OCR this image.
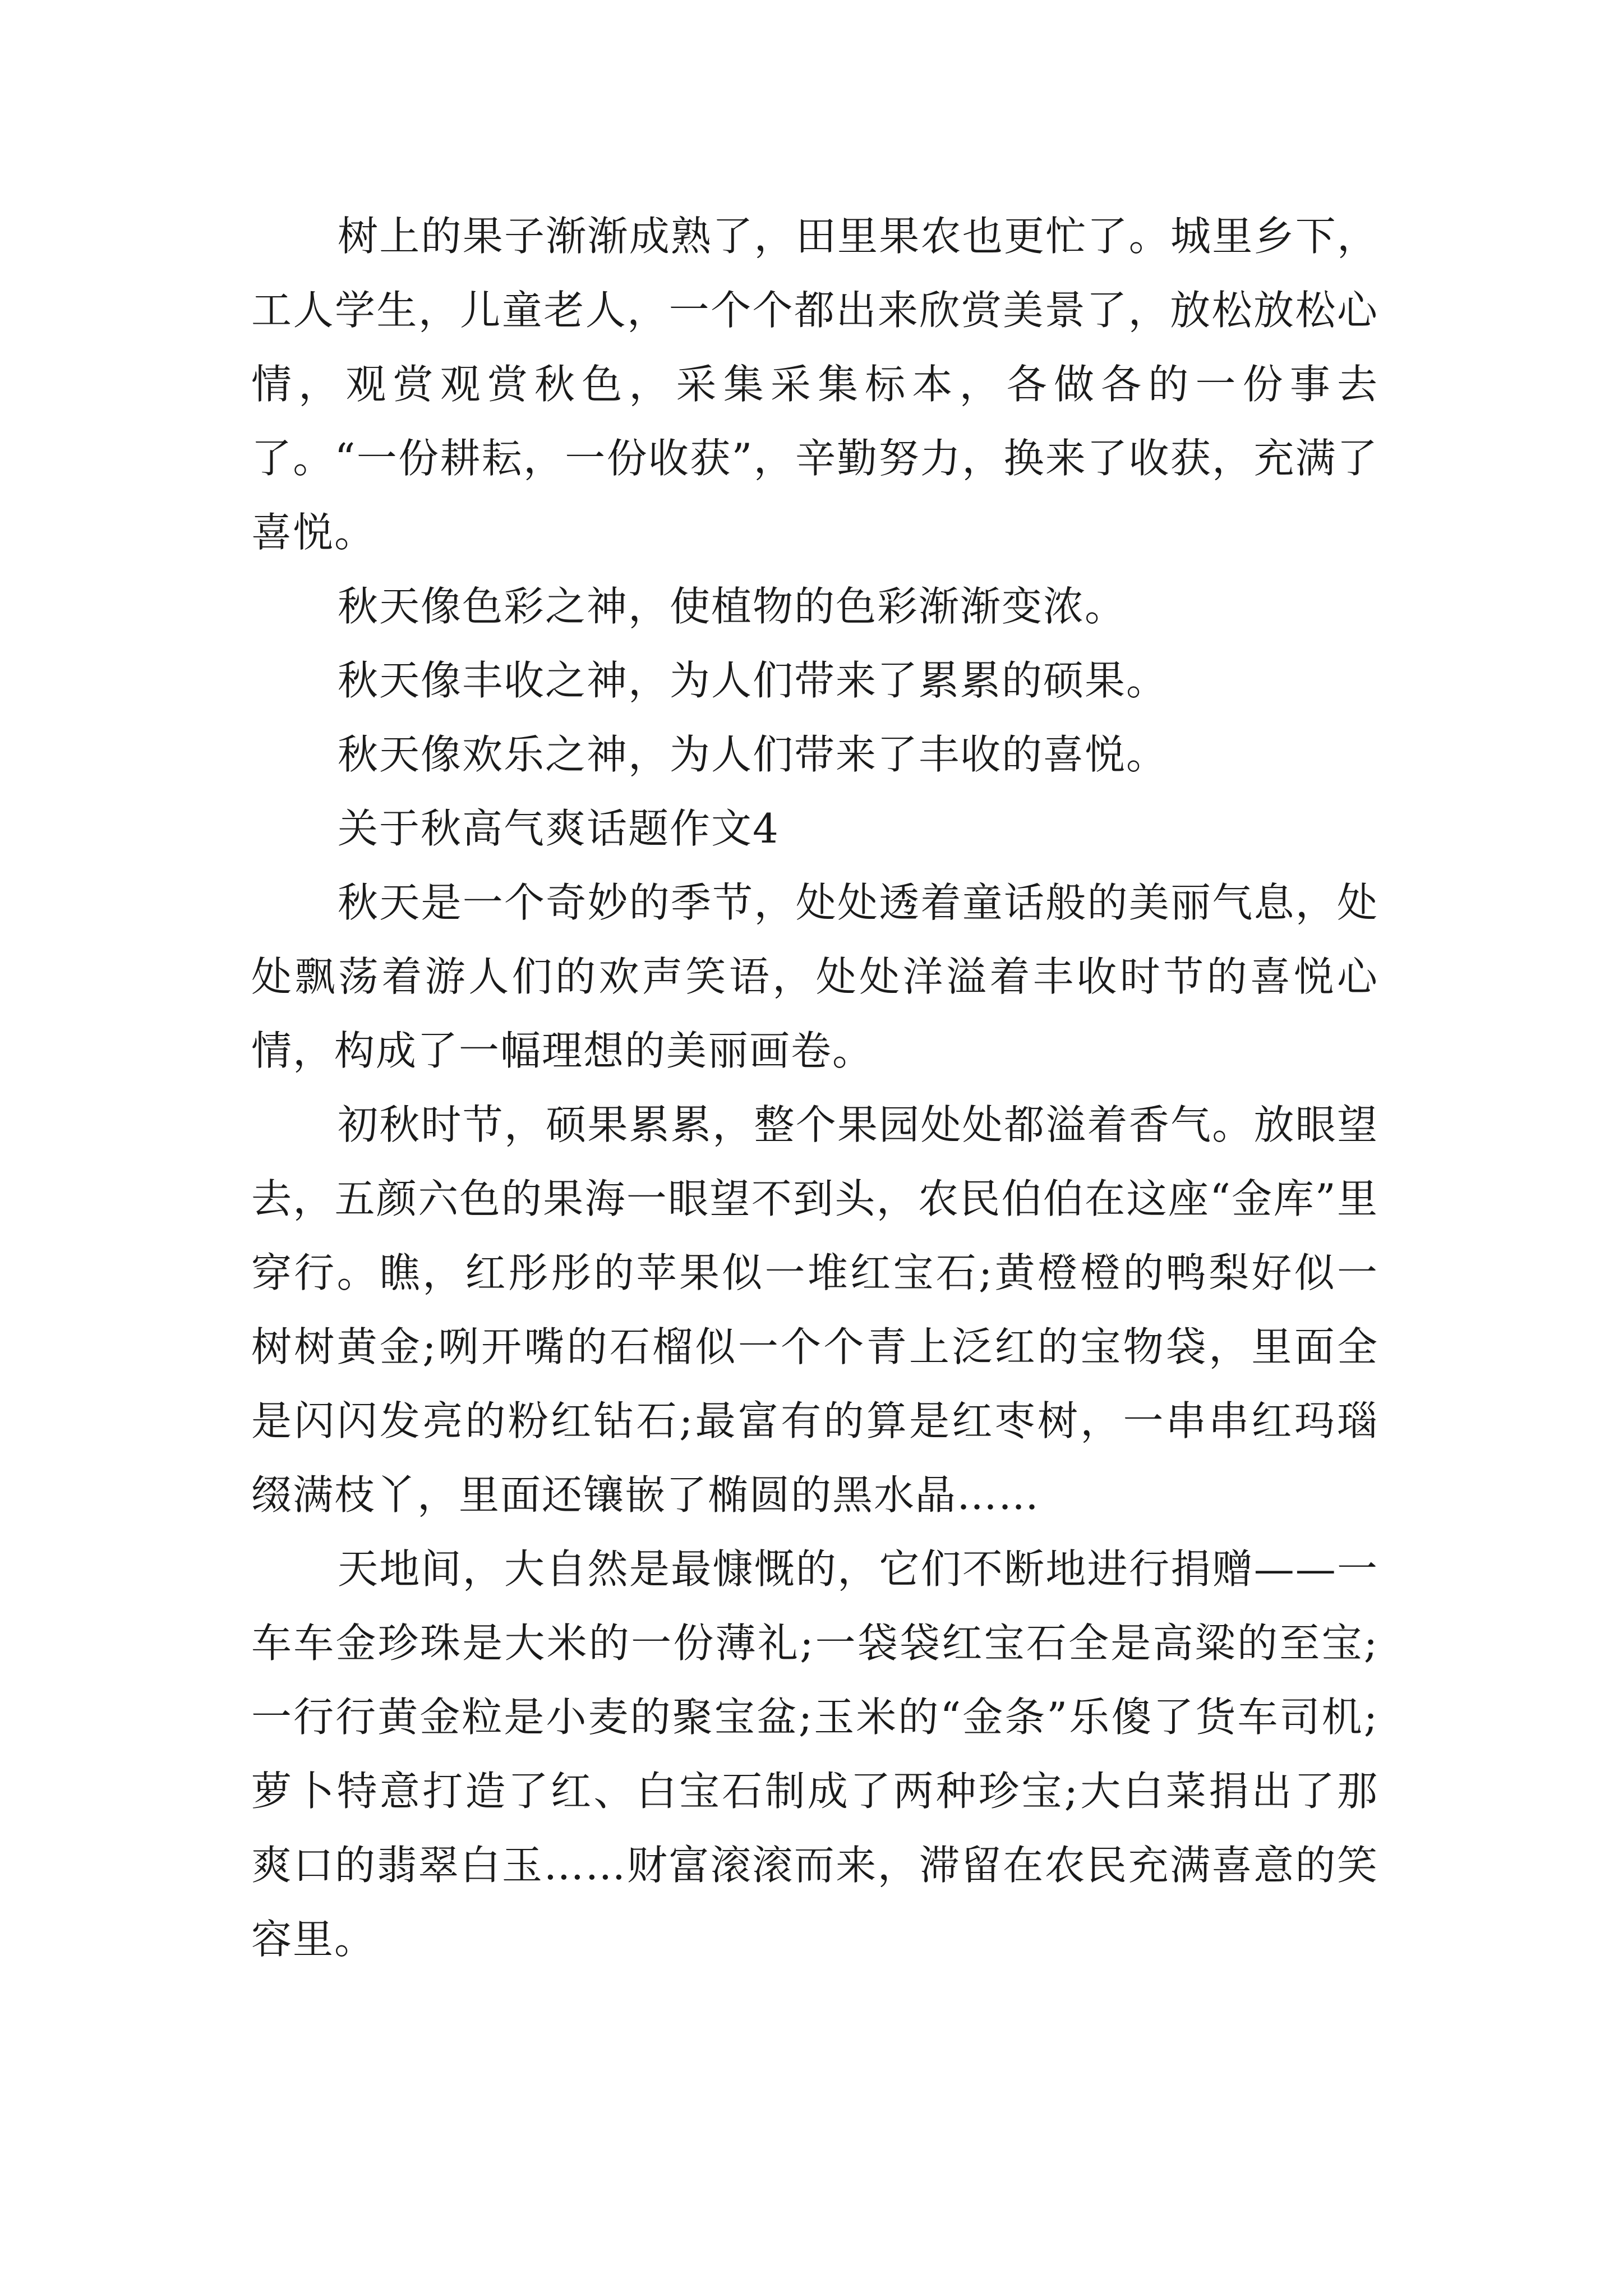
树上的果子渐渐成熟了，田里果农也更忙了。城里乡下，工人学生，儿童老人，一个个都出来欣赏美景了，放松放松心情，观赏观赏秋色，采集采集标本，各做各的一份事去了。“一份耕耘，一份收获”，辛勤努力，换来了收获，充满了喜悦。

秋天像色彩之神，使植物的色彩渐渐变浓。

秋天像丰收之神，为人们带来了累累的硕果。

秋天像欢乐之神，为人们带来了丰收的喜悦。

关于秋高气爽话题作文4

秋天是一个奇妙的季节，处处透着童话般的美丽气息，处处飘荡着游人们的欢声笑语，处处洋溢着丰收时节的喜悦心情，构成了一幅理想的美丽画卷。

初秋时节，硕果累累，整个果园处处都溢着香气。放眼望去，五颜六色的果海一眼望不到头，农民伯伯在这座“金库”里穿行。瞧，红彤彤的苹果似一堆红宝石;黄橙橙的鸭梨好似一树树黄金;咧开嘴的石榴似一个个青上泛红的宝物袋，里面全是闪闪发亮的粉红钻石;最富有的算是红枣树，一串串红玛瑙缀满枝丫，里面还镶嵌了椭圆的黑水晶……

天地间，大自然是最慷慨的，它们不断地进行捐赠——一车车金珍珠是大米的一份薄礼;一袋袋红宝石全是高粱的至宝;一行行黄金粒是小麦的聚宝盆;玉米的“金条”乐傻了货车司机;萝卜特意打造了红、白宝石制成了两种珍宝;大白菜捐出了那爽口的翡翠白玉……财富滚滚而来，滞留在农民充满喜意的笑容里。
